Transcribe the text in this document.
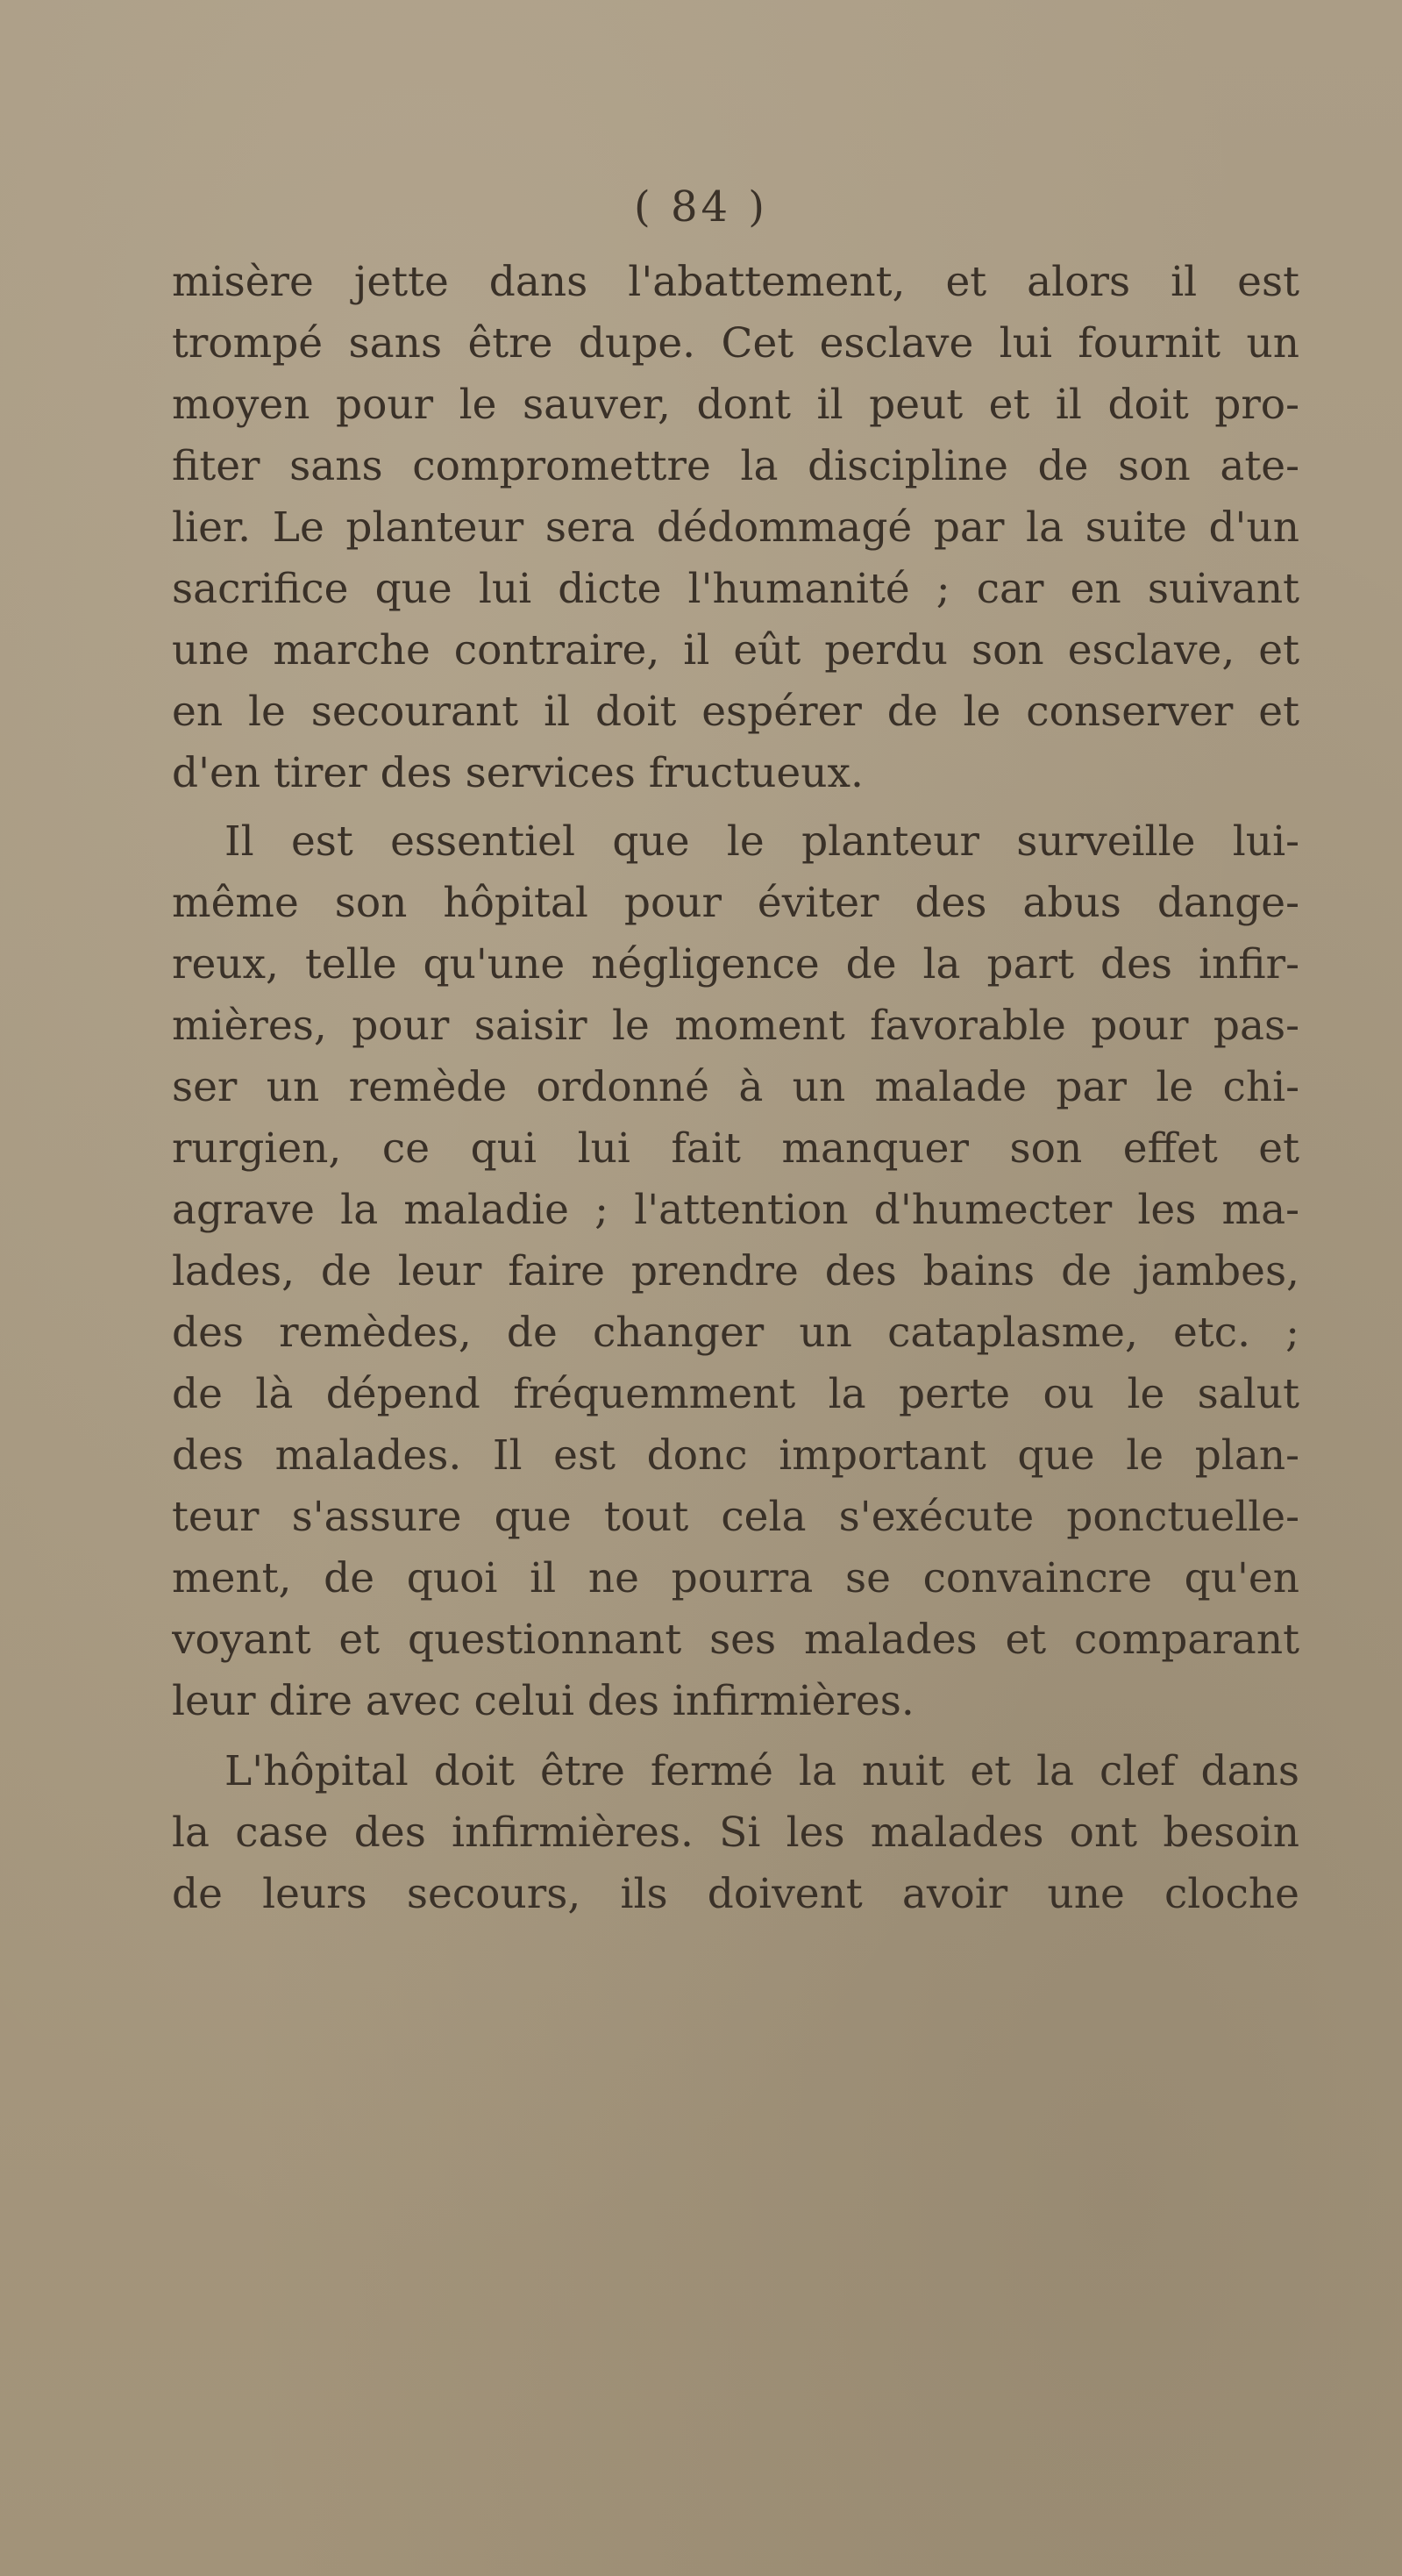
( 84 )
misère jette dans l'abattement, et alors il est
trompé sans être dupe. Cet esclave lui fournit un
moyen pour le sauver, dont il peut et il doit pro-
fiter sans compromettre la discipline de son ate-
lier. Le planteur sera dédommagé par la suite d'un
sacrifice que lui dicte l'humanité ; car en suivant
une marche contraire, il eût perdu son esclave, et
en le secourant il doit espérer de le conserver et
d'en tirer des services fructueux.
Il est essentiel que le planteur surveille lui-
même son hôpital pour éviter des abus dange-
reux, telle qu'une négligence de la part des infir-
mières, pour saisir le moment favorable pour pas-
ser un remède ordonné à un malade par le chi-
rurgien, ce qui lui fait manquer son effet et
agrave la maladie ; l'attention d'humecter les ma-
lades, de leur faire prendre des bains de jambes,
des remèdes, de changer un cataplasme, etc. ;
de là dépend fréquemment la perte ou le salut
des malades. Il est donc important que le plan-
teur s'assure que tout cela s'exécute ponctuelle-
ment, de quoi il ne pourra se convaincre qu'en
voyant et questionnant ses malades et comparant
leur dire avec celui des infirmières.
L'hôpital doit être fermé la nuit et la clef dans
la case des infirmières. Si les malades ont besoin
de leurs secours, ils doivent avoir une cloche
